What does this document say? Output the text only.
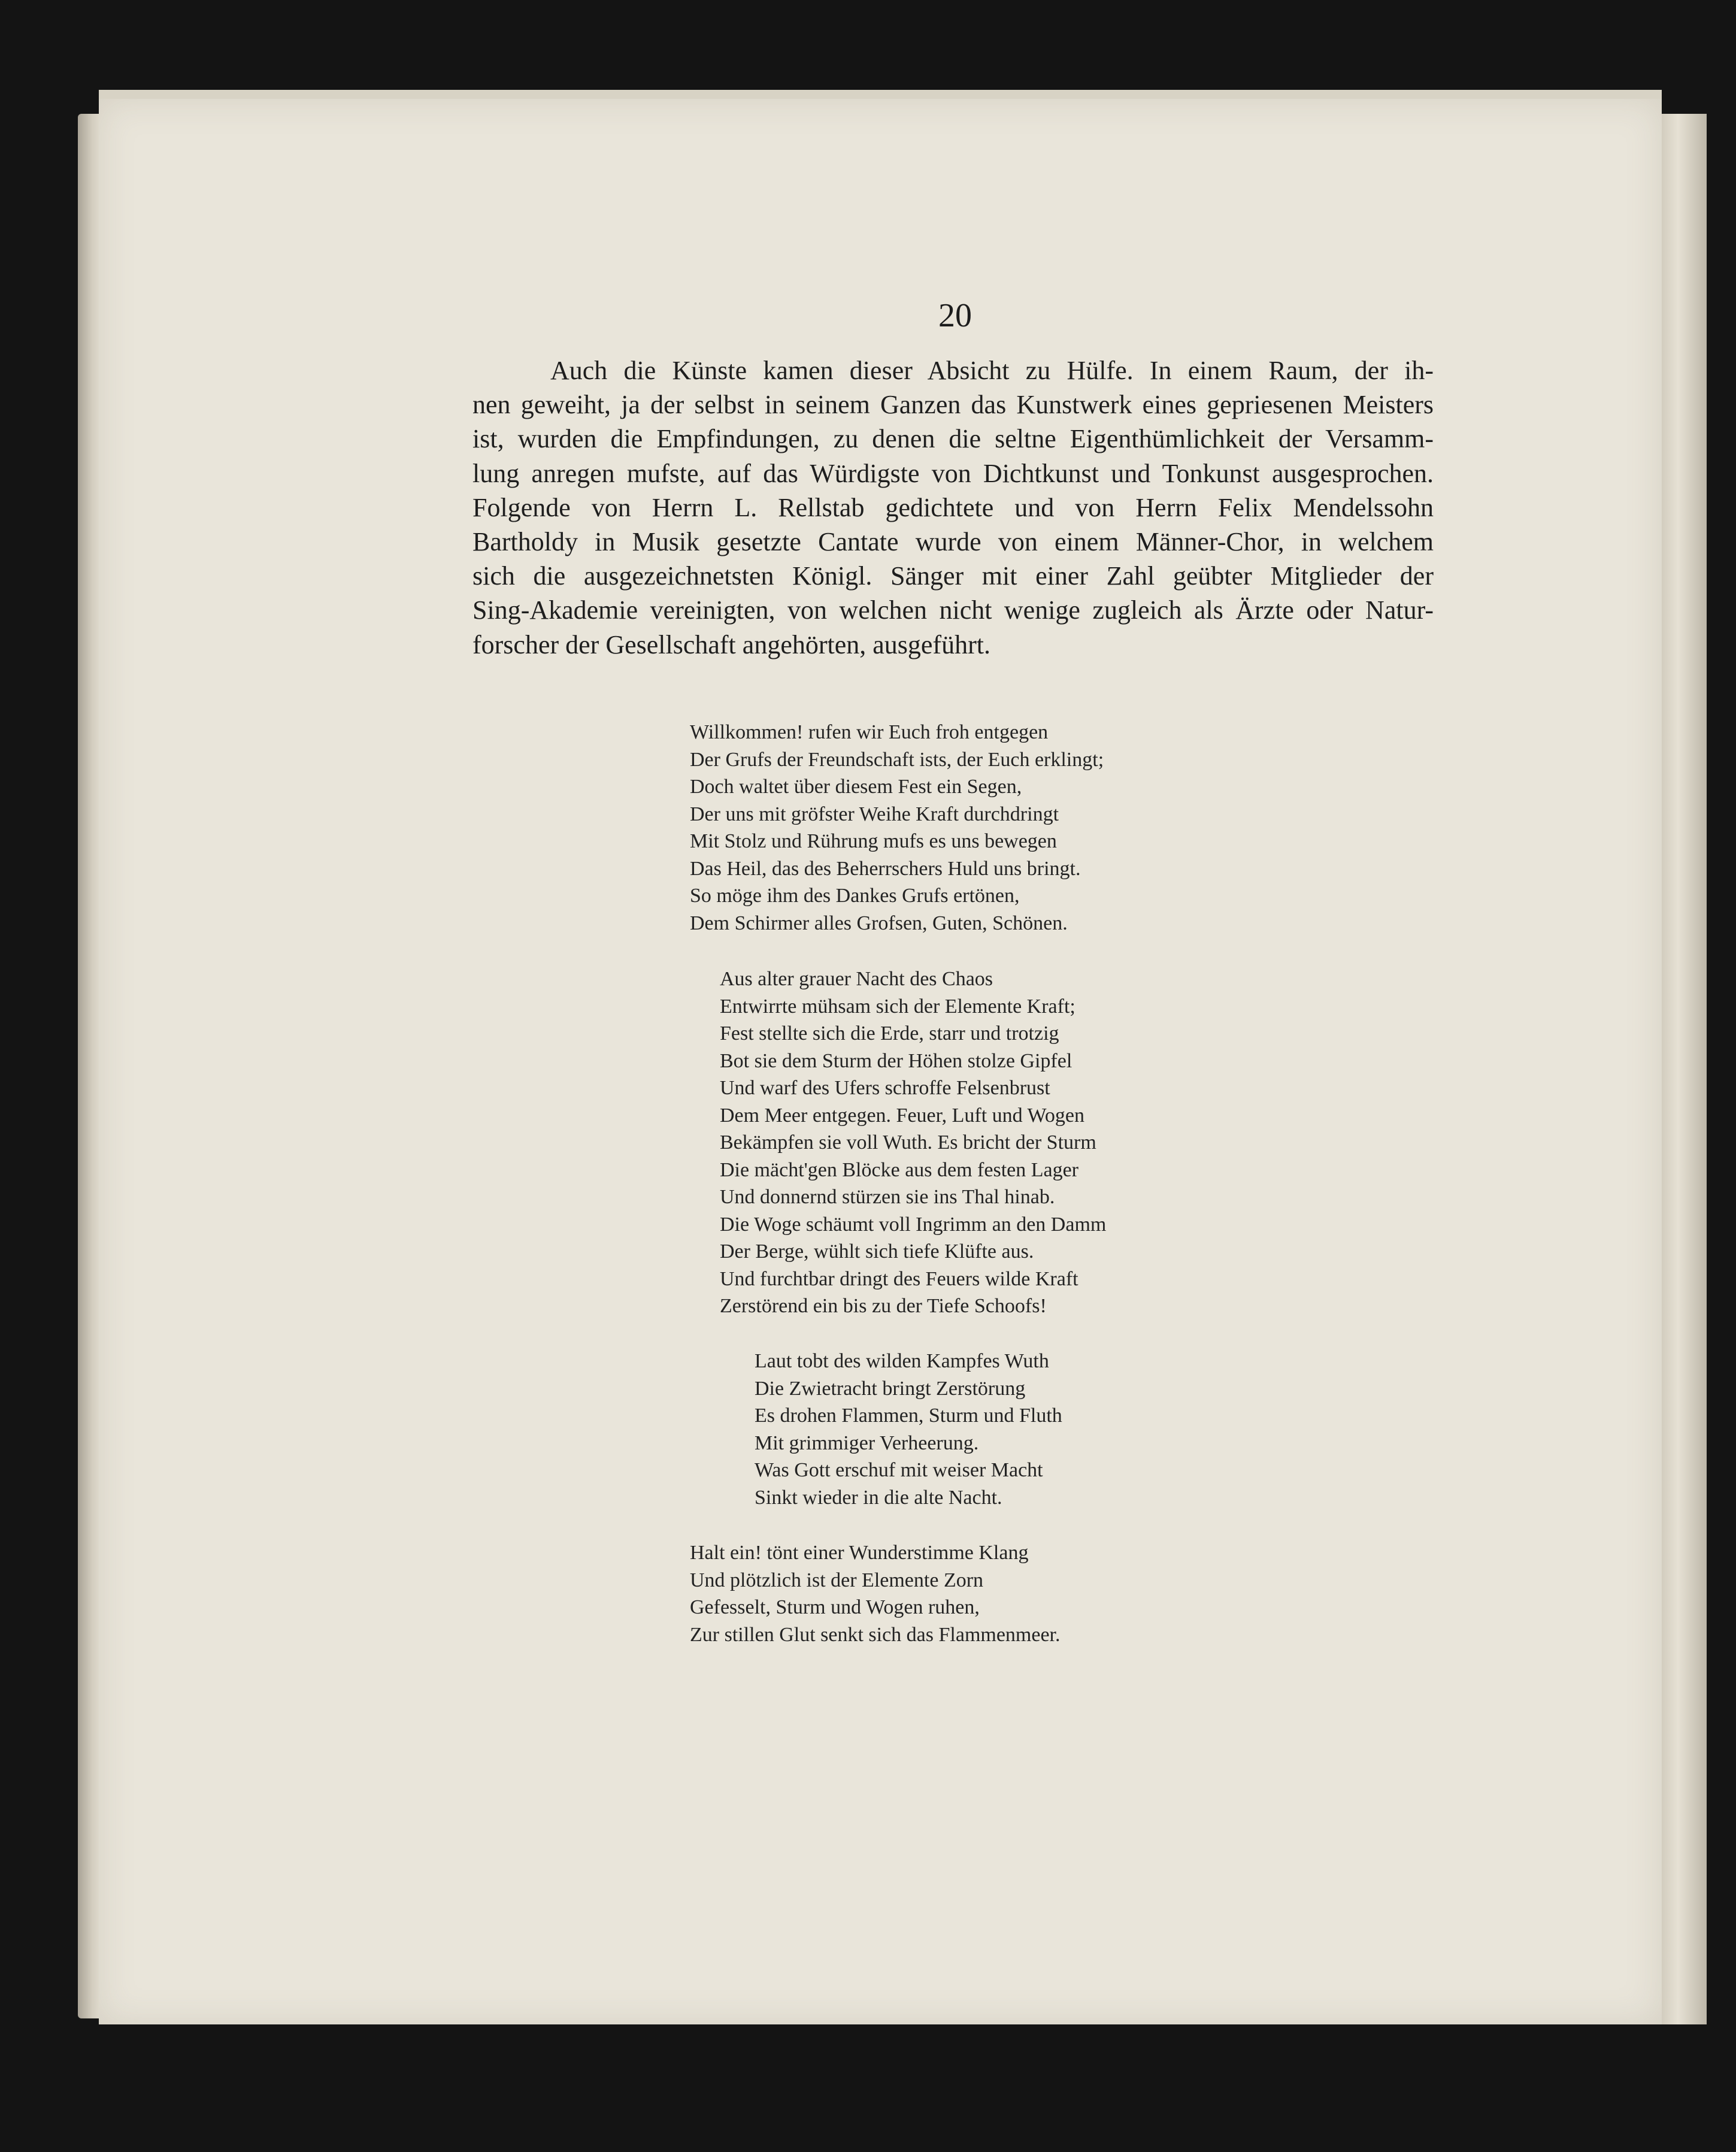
20
Auch die Künste kamen dieser Absicht zu Hülfe. In einem Raum, der ih-
nen geweiht, ja der selbst in seinem Ganzen das Kunstwerk eines gepriesenen Meisters
ist, wurden die Empfindungen, zu denen die seltne Eigenthümlichkeit der Versamm-
lung anregen mufste, auf das Würdigste von Dichtkunst und Tonkunst ausgesprochen.
Folgende von Herrn L. Rellstab gedichtete und von Herrn Felix Mendelssohn
Bartholdy in Musik gesetzte Cantate wurde von einem Männer-Chor, in welchem
sich die ausgezeichnetsten Königl. Sänger mit einer Zahl geübter Mitglieder der
Sing-Akademie vereinigten, von welchen nicht wenige zugleich als Ärzte oder Natur-
forscher der Gesellschaft angehörten, ausgeführt.
Willkommen! rufen wir Euch froh entgegen
Der Grufs der Freundschaft ists, der Euch erklingt;
Doch waltet über diesem Fest ein Segen,
Der uns mit gröfster Weihe Kraft durchdringt
Mit Stolz und Rührung mufs es uns bewegen
Das Heil, das des Beherrschers Huld uns bringt.
So möge ihm des Dankes Grufs ertönen,
Dem Schirmer alles Grofsen, Guten, Schönen.
Aus alter grauer Nacht des Chaos
Entwirrte mühsam sich der Elemente Kraft;
Fest stellte sich die Erde, starr und trotzig
Bot sie dem Sturm der Höhen stolze Gipfel
Und warf des Ufers schroffe Felsenbrust
Dem Meer entgegen. Feuer, Luft und Wogen
Bekämpfen sie voll Wuth. Es bricht der Sturm
Die mächt'gen Blöcke aus dem festen Lager
Und donnernd stürzen sie ins Thal hinab.
Die Woge schäumt voll Ingrimm an den Damm
Der Berge, wühlt sich tiefe Klüfte aus.
Und furchtbar dringt des Feuers wilde Kraft
Zerstörend ein bis zu der Tiefe Schoofs!
Laut tobt des wilden Kampfes Wuth
Die Zwietracht bringt Zerstörung
Es drohen Flammen, Sturm und Fluth
Mit grimmiger Verheerung.
Was Gott erschuf mit weiser Macht
Sinkt wieder in die alte Nacht.
Halt ein! tönt einer Wunderstimme Klang
Und plötzlich ist der Elemente Zorn
Gefesselt, Sturm und Wogen ruhen,
Zur stillen Glut senkt sich das Flammenmeer.
